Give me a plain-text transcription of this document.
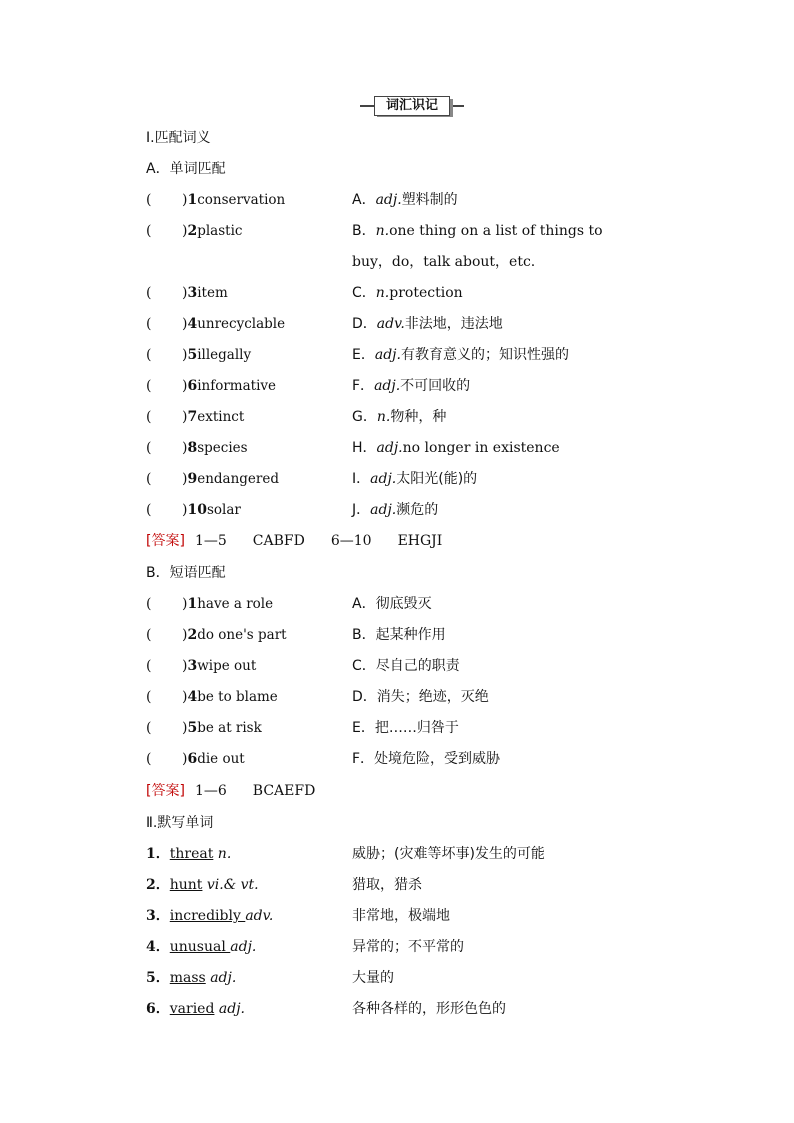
词汇识记
Ⅰ.匹配词义
A．单词匹配
( )1conservation	A．adj.塑料制的
( )2plastic	B．n.one thing on a list of things to
buy，do，talk about，etc.
( )3item	C．n.protection
( )4unrecyclable	D．adv.非法地，违法地
( )5illegally	E．adj.有教育意义的；知识性强的
( )6informative	F．adj.不可回收的
( )7extinct	G．n.物种，种
( )8species	H．adj.no longer in existence
( )9endangered	I．adj.太阳光(能)的
( )10solar	J．adj.濒危的
[答案] 1—5 CABFD 6—10 EHGJI
B．短语匹配
( )1have a role	A．彻底毁灭
( )2do one's part	B．起某种作用
( )3wipe out	C．尽自己的职责
( )4be to blame	D．消失；绝迹，灭绝
( )5be at risk	E．把……归咎于
( )6die out	F．处境危险，受到威胁
[答案] 1—6 BCAEFD
Ⅱ.默写单词
1．threat n.	威胁；(灾难等坏事)发生的可能
2．hunt vi.& vt.	猎取，猎杀
3．incredibly adv.	非常地，极端地
4．unusual adj.	异常的；不平常的
5．mass adj.	大量的
6．varied adj.	各种各样的，形形色色的
